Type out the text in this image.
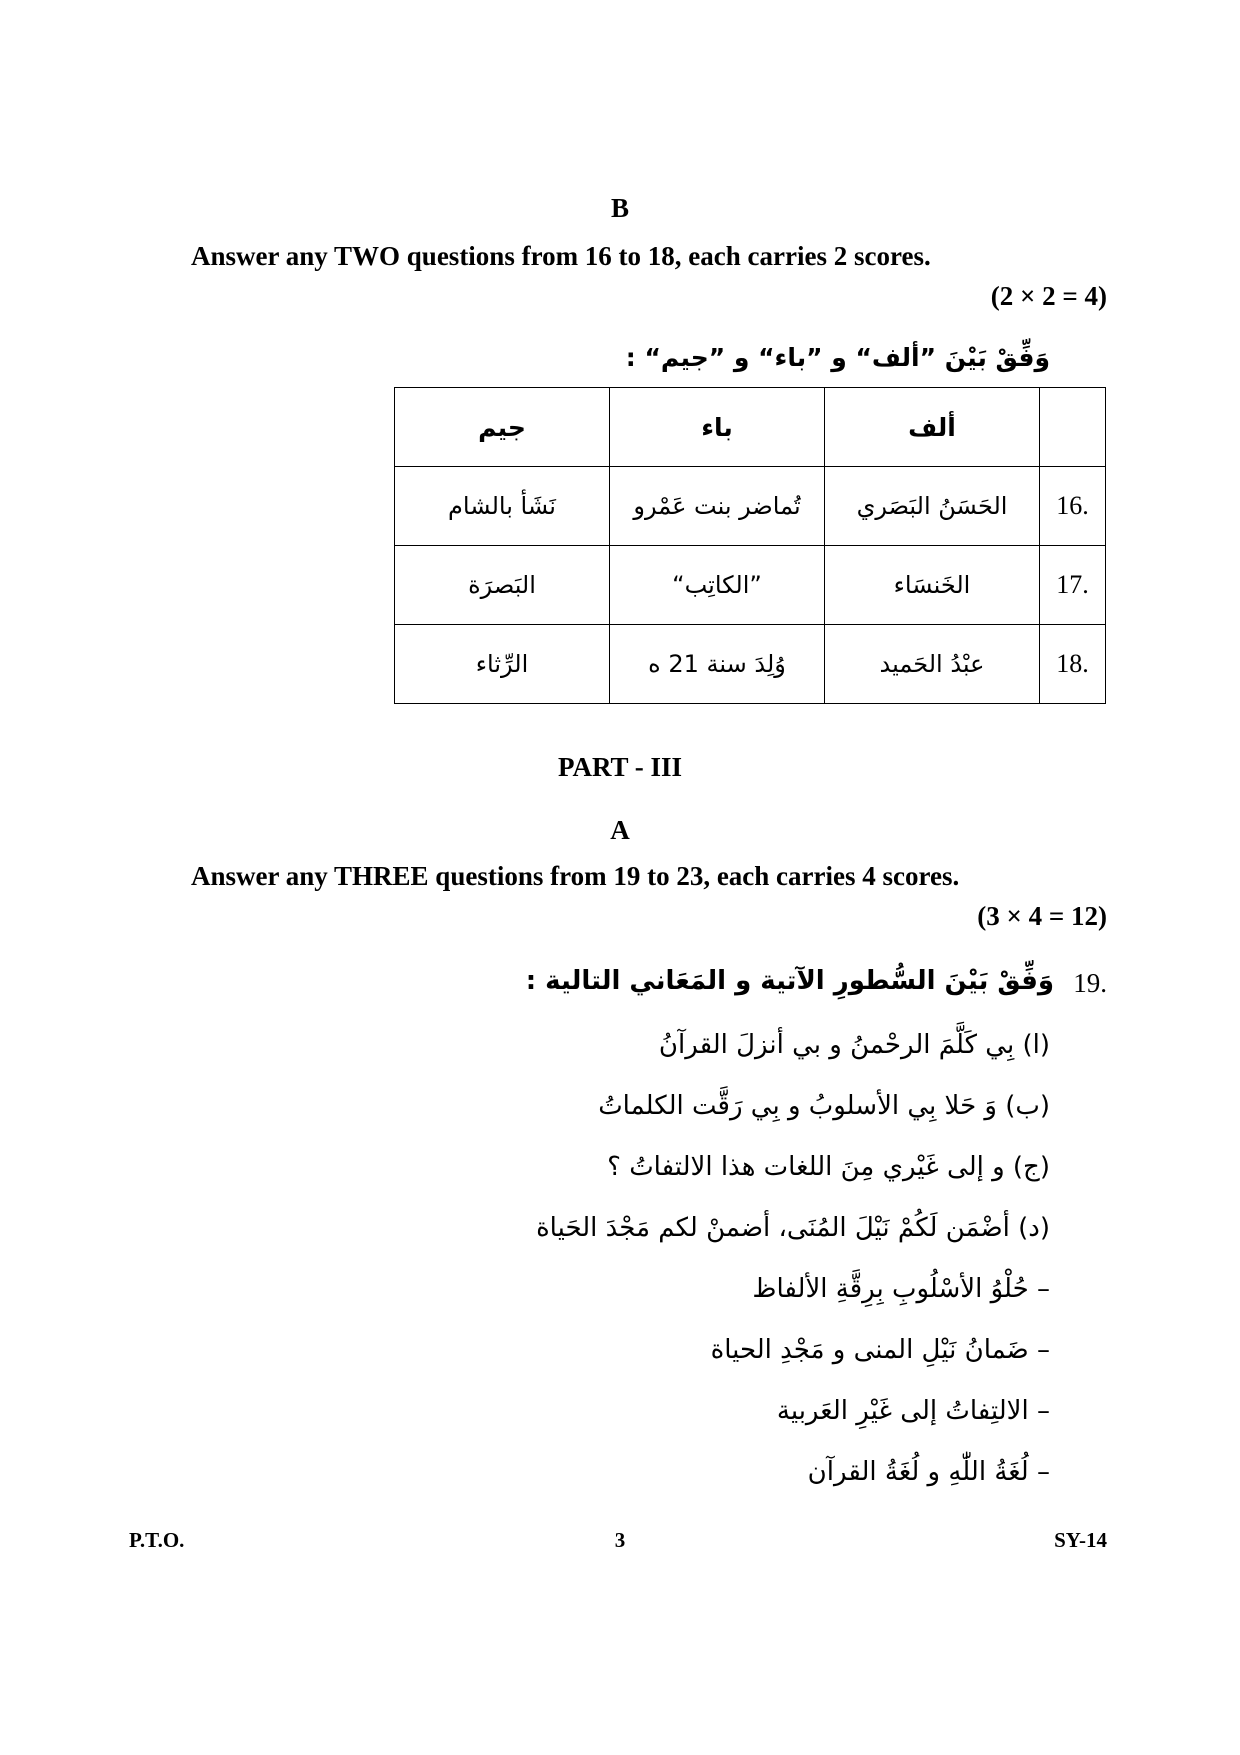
B
Answer any TWO questions from 16 to 18, each carries 2 scores.
(2 × 2 = 4)
وَفِّقْ بَيْنَ ”ألف“ و ”باء“ و ”جيم“ :
جيم	باء	ألف	
نَشَأ بالشام	تُماضر بنت عَمْرو	الحَسَنُ البَصَري	16.
البَصرَة	”الكاتِب“	الخَنسَاء	17.
الرِّثاء	وُلِدَ سنة 21 ه	عبْدُ الحَميد	18.
PART - III
A
Answer any THREE questions from 19 to 23, each carries 4 scores.
(3 × 4 = 12)
19.
وَفِّقْ بَيْنَ السُّطورِ الآتية و المَعَاني التالية :
(ا) بِي كَلَّمَ الرحْمنُ و بي أنزلَ القرآنُ
(ب) وَ حَلا بِي الأسلوبُ و بِي رَقَّت الكلماتُ
(ج) و إلى غَيْري مِنَ اللغات هذا الالتفاتُ ؟
(د) أضْمَن لَكُمْ نَيْلَ المُنَى، أضمنْ لكم مَجْدَ الحَياة
– حُلْوُ الأسْلُوبِ بِرِقَّةِ الألفاظ
– ضَمانُ نَيْلِ المنى و مَجْدِ الحياة
– الالتِفاتُ إلى غَيْرِ العَربية
– لُغَةُ اللّٰهِ و لُغَةُ القرآن
P.T.O.	3	SY-14
